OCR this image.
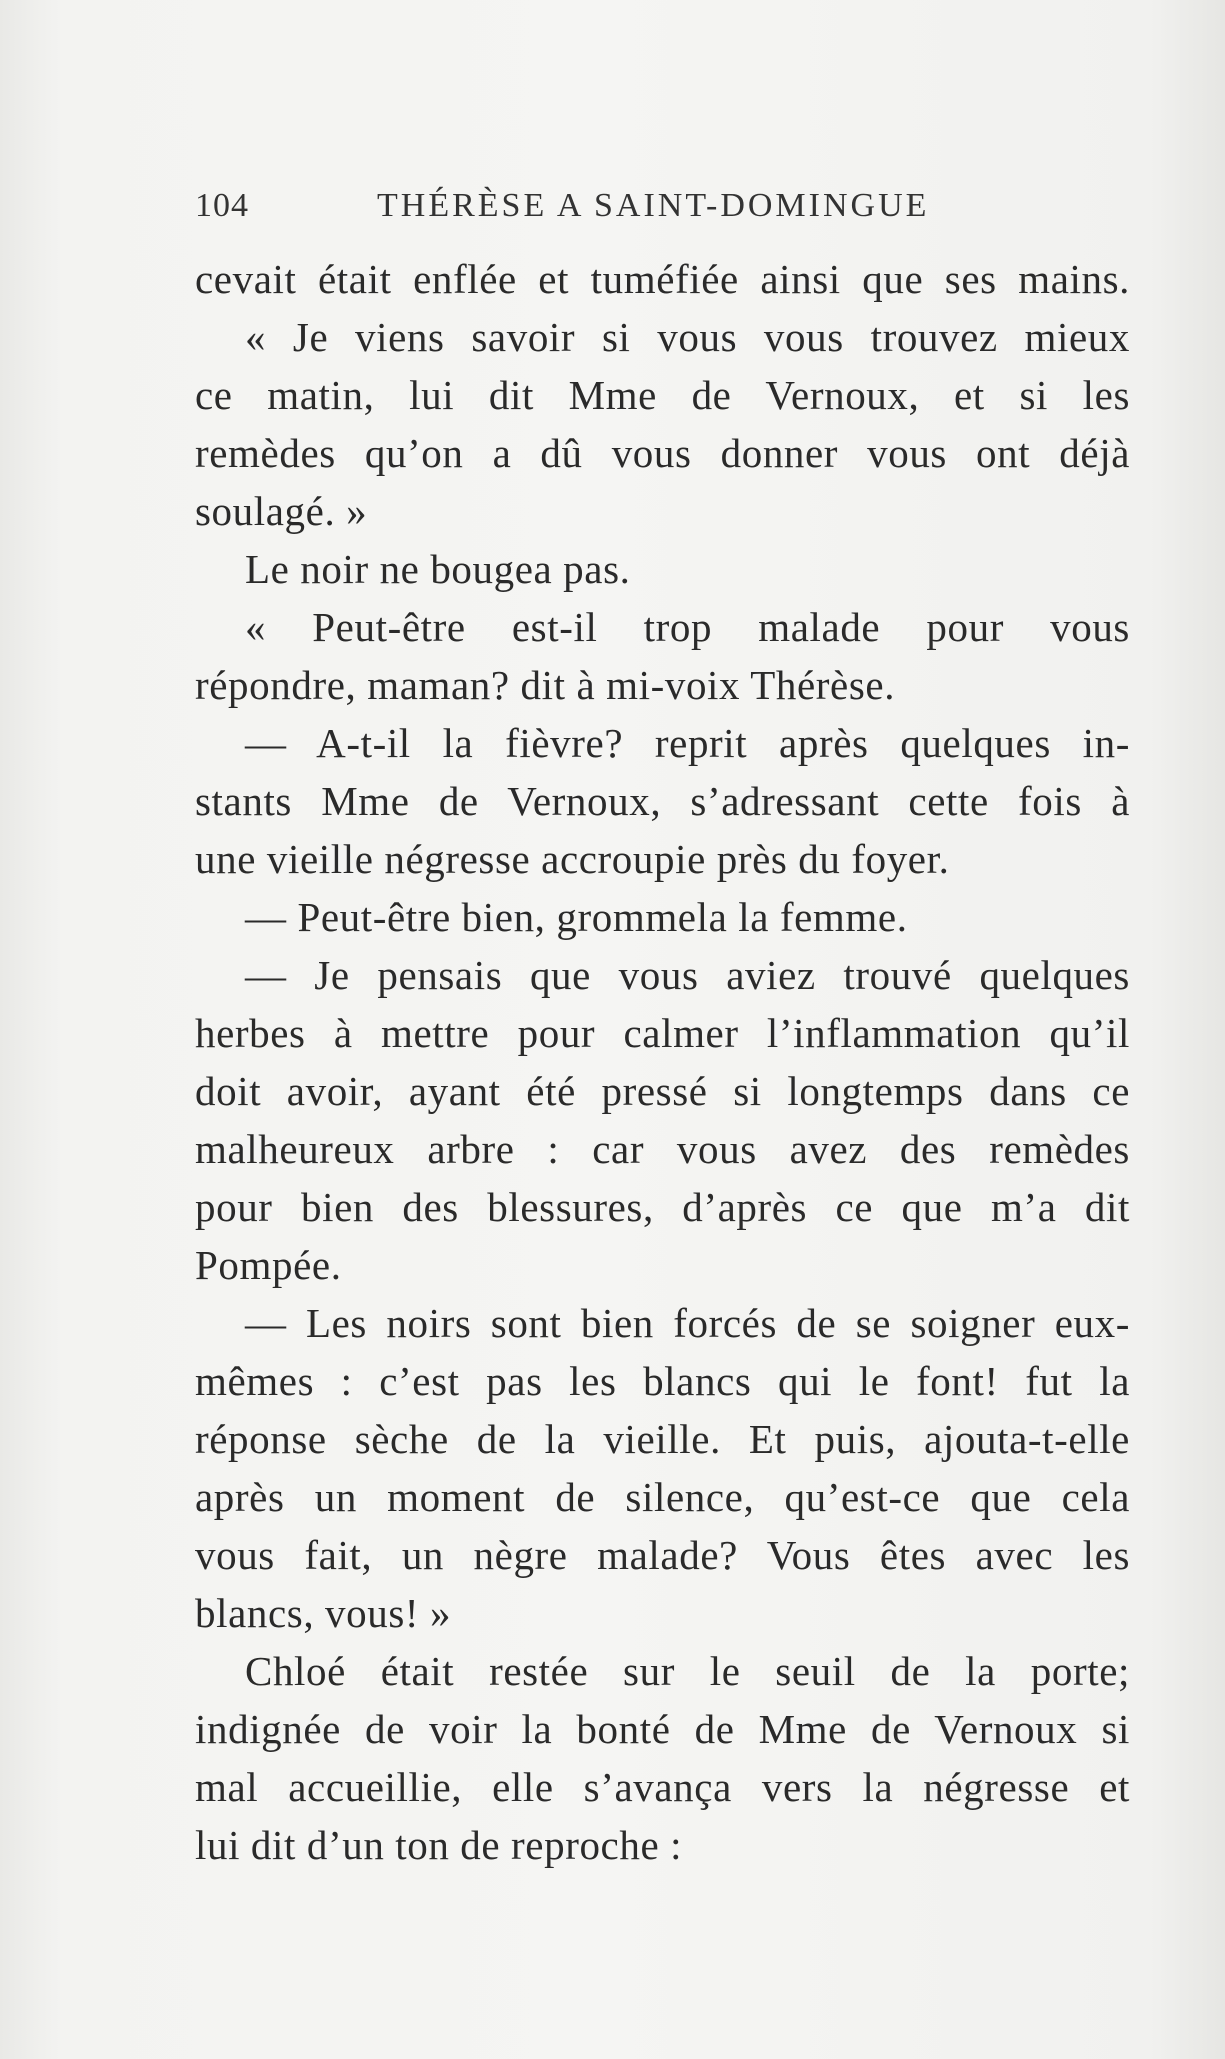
104	THÉRÈSE A SAINT-DOMINGUE
cevait était enflée et tuméfiée ainsi que ses mains.
« Je viens savoir si vous vous trouvez mieux
ce matin, lui dit Mme de Vernoux, et si les
remèdes qu’on a dû vous donner vous ont déjà
soulagé. »
Le noir ne bougea pas.
« Peut-être est-il trop malade pour vous
répondre, maman? dit à mi-voix Thérèse.
— A-t-il la fièvre? reprit après quelques in-
stants Mme de Vernoux, s’adressant cette fois à
une vieille négresse accroupie près du foyer.
— Peut-être bien, grommela la femme.
— Je pensais que vous aviez trouvé quelques
herbes à mettre pour calmer l’inflammation qu’il
doit avoir, ayant été pressé si longtemps dans ce
malheureux arbre : car vous avez des remèdes
pour bien des blessures, d’après ce que m’a dit
Pompée.
— Les noirs sont bien forcés de se soigner eux-
mêmes : c’est pas les blancs qui le font! fut la
réponse sèche de la vieille. Et puis, ajouta-t-elle
après un moment de silence, qu’est-ce que cela
vous fait, un nègre malade? Vous êtes avec les
blancs, vous! »
Chloé était restée sur le seuil de la porte;
indignée de voir la bonté de Mme de Vernoux si
mal accueillie, elle s’avança vers la négresse et
lui dit d’un ton de reproche :
